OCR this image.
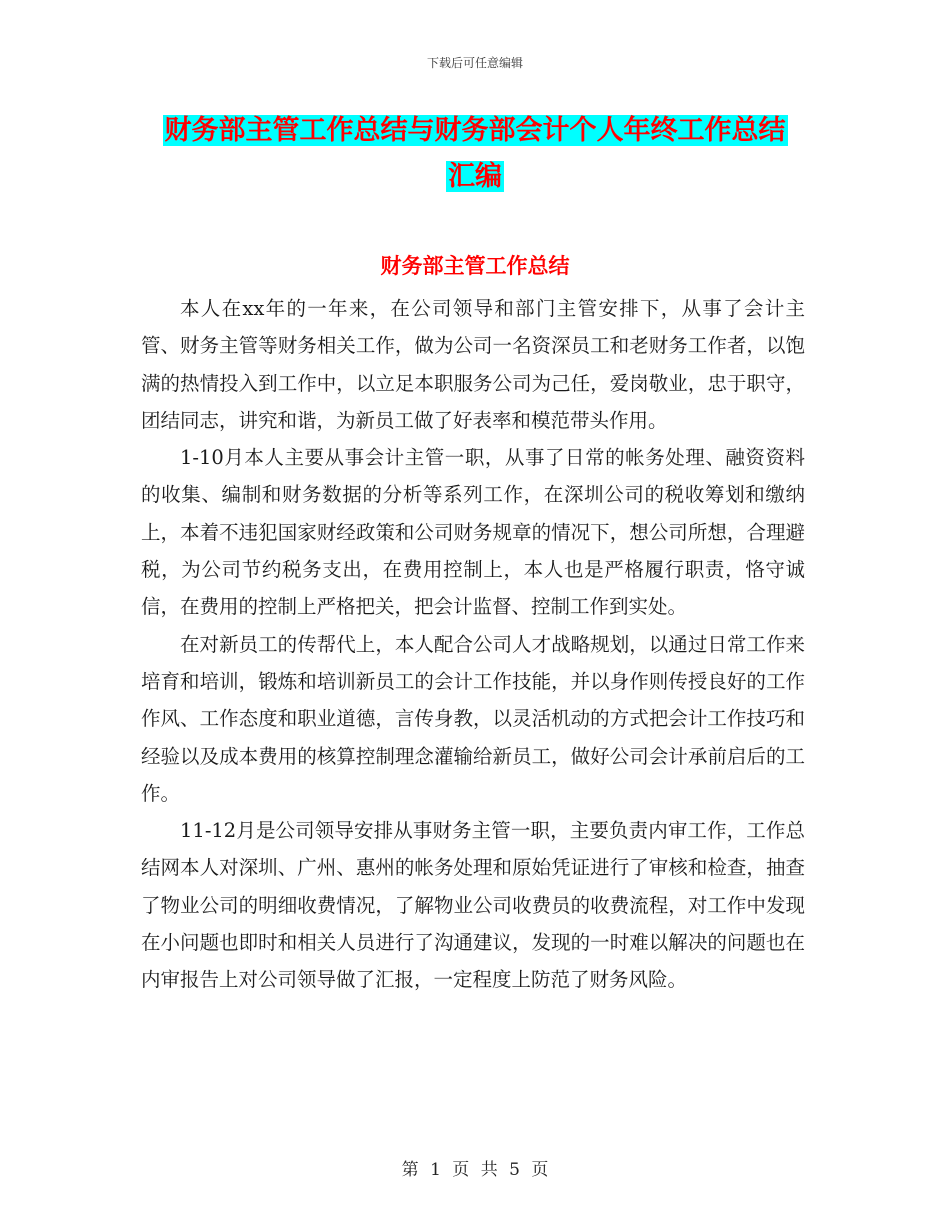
下载后可任意编辑
财务部主管工作总结与财务部会计个人年终工作总结
汇编
财务部主管工作总结

本人在xx年的一年来，在公司领导和部门主管安排下，从事了会计主管、财务主管等财务相关工作，做为公司一名资深员工和老财务工作者，以饱满的热情投入到工作中，以立足本职服务公司为己任，爱岗敬业，忠于职守，团结同志，讲究和谐，为新员工做了好表率和模范带头作用。

1-10月本人主要从事会计主管一职，从事了日常的帐务处理、融资资料的收集、编制和财务数据的分析等系列工作，在深圳公司的税收筹划和缴纳上，本着不违犯国家财经政策和公司财务规章的情况下，想公司所想，合理避税，为公司节约税务支出，在费用控制上，本人也是严格履行职责，恪守诚信，在费用的控制上严格把关，把会计监督、控制工作到实处。

在对新员工的传帮代上，本人配合公司人才战略规划，以通过日常工作来培育和培训，锻炼和培训新员工的会计工作技能，并以身作则传授良好的工作作风、工作态度和职业道德，言传身教，以灵活机动的方式把会计工作技巧和经验以及成本费用的核算控制理念灌输给新员工，做好公司会计承前启后的工作。

11-12月是公司领导安排从事财务主管一职，主要负责内审工作，工作总结网本人对深圳、广州、惠州的帐务处理和原始凭证进行了审核和检查，抽查了物业公司的明细收费情况，了解物业公司收费员的收费流程，对工作中发现在小问题也即时和相关人员进行了沟通建议，发现的一时难以解决的问题也在内审报告上对公司领导做了汇报，一定程度上防范了财务风险。

第 1 页 共 5 页
